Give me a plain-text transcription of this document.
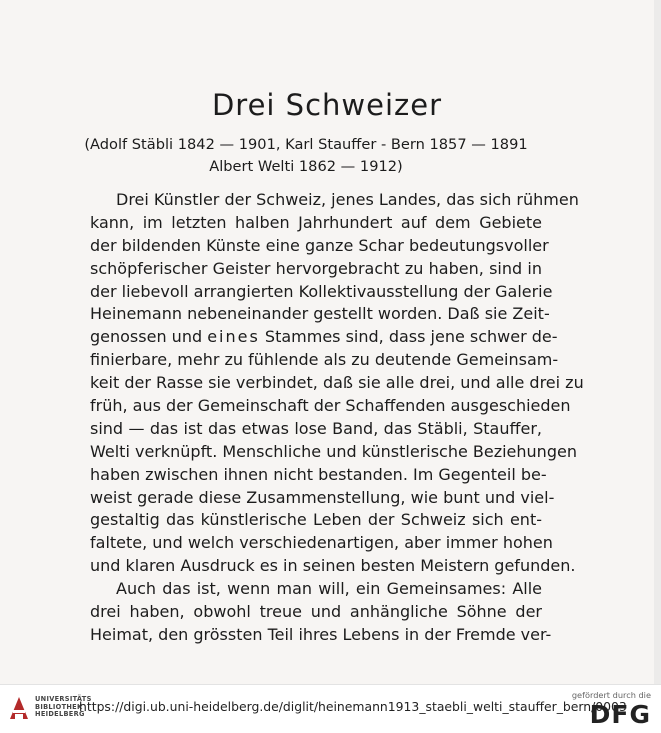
Drei Schweizer
(Adolf Stäbli 1842 — 1901, Karl Stauffer - Bern 1857 — 1891
Albert Welti 1862 — 1912)
Drei Künstler der Schweiz, jenes Landes, das sich rühmen
kann, im letzten halben Jahrhundert auf dem Gebiete
der bildenden Künste eine ganze Schar bedeutungsvoller
schöpferischer Geister hervorgebracht zu haben, sind in
der liebevoll arrangierten Kollektivausstellung der Galerie
Heinemann nebeneinander gestellt worden. Daß sie Zeit-
genossen und eines Stammes sind, dass jene schwer de-
finierbare, mehr zu fühlende als zu deutende Gemeinsam-
keit der Rasse sie verbindet, daß sie alle drei, und alle drei zu
früh, aus der Gemeinschaft der Schaffenden ausgeschieden
sind — das ist das etwas lose Band, das Stäbli, Stauffer,
Welti verknüpft. Menschliche und künstlerische Beziehungen
haben zwischen ihnen nicht bestanden. Im Gegenteil be-
weist gerade diese Zusammenstellung, wie bunt und viel-
gestaltig das künstlerische Leben der Schweiz sich ent-
faltete, und welch verschiedenartigen, aber immer hohen
und klaren Ausdruck es in seinen besten Meistern gefunden.
Auch das ist, wenn man will, ein Gemeinsames: Alle
drei haben, obwohl treue und anhängliche Söhne der
Heimat, den grössten Teil ihres Lebens in der Fremde ver-
UNIVERSITÄTS
BIBLIOTHEK
HEIDELBERG
https://digi.ub.uni-heidelberg.de/diglit/heinemann1913_staebli_welti_stauffer_bern/0003
gefördert durch die
DFG
